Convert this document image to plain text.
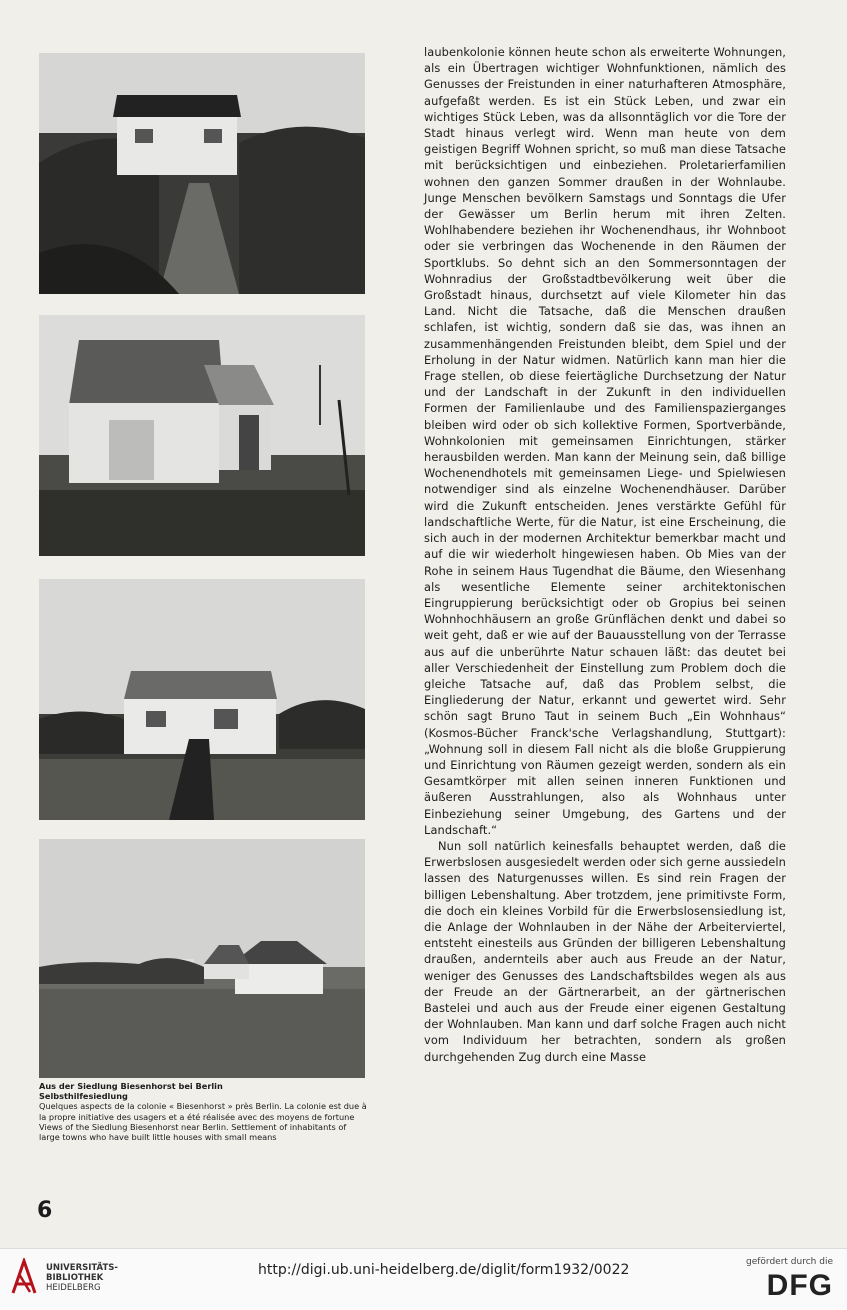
Aus der Siedlung Biesenhorst bei Berlin
Selbsthilfesiedlung
Quelques aspects de la colonie « Biesenhorst » près Berlin. La colonie est due à la propre initiative des usagers et a été réalisée avec des moyens de fortune
Views of the Siedlung Biesenhorst near Berlin. Settlement of inhabitants of large towns who have built little houses with small means

laubenkolonie können heute schon als erweiterte Wohnungen, als ein Übertragen wichtiger Wohnfunktionen, nämlich des Genusses der Freistunden in einer naturhafteren Atmosphäre, aufgefaßt werden. Es ist ein Stück Leben, und zwar ein wichtiges Stück Leben, was da allsonntäglich vor die Tore der Stadt hinaus verlegt wird. Wenn man heute von dem geistigen Begriff Wohnen spricht, so muß man diese Tatsache mit berücksichtigen und einbeziehen. Proletarierfamilien wohnen den ganzen Sommer draußen in der Wohnlaube. Junge Menschen bevölkern Samstags und Sonntags die Ufer der Gewässer um Berlin herum mit ihren Zelten. Wohlhabendere beziehen ihr Wochenendhaus, ihr Wohnboot oder sie verbringen das Wochenende in den Räumen der Sportklubs. So dehnt sich an den Sommersonntagen der Wohnradius der Großstadtbevölkerung weit über die Großstadt hinaus, durchsetzt auf viele Kilometer hin das Land. Nicht die Tatsache, daß die Menschen draußen schlafen, ist wichtig, sondern daß sie das, was ihnen an zusammenhängenden Freistunden bleibt, dem Spiel und der Erholung in der Natur widmen. Natürlich kann man hier die Frage stellen, ob diese feiertägliche Durchsetzung der Natur und der Landschaft in der Zukunft in den individuellen Formen der Familienlaube und des Familienspazierganges bleiben wird oder ob sich kollektive Formen, Sportverbände, Wohnkolonien mit gemeinsamen Einrichtungen, stärker herausbilden werden. Man kann der Meinung sein, daß billige Wochenendhotels mit gemeinsamen Liege- und Spielwiesen notwendiger sind als einzelne Wochenendhäuser. Darüber wird die Zukunft entscheiden. Jenes verstärkte Gefühl für landschaftliche Werte, für die Natur, ist eine Erscheinung, die sich auch in der modernen Architektur bemerkbar macht und auf die wir wiederholt hingewiesen haben. Ob Mies van der Rohe in seinem Haus Tugendhat die Bäume, den Wiesenhang als wesentliche Elemente seiner architektonischen Eingruppierung berücksichtigt oder ob Gropius bei seinen Wohnhochhäusern an große Grünflächen denkt und dabei so weit geht, daß er wie auf der Bauausstellung von der Terrasse aus auf die unberührte Natur schauen läßt: das deutet bei aller Verschiedenheit der Einstellung zum Problem doch die gleiche Tatsache auf, daß das Problem selbst, die Eingliederung der Natur, erkannt und gewertet wird. Sehr schön sagt Bruno Taut in seinem Buch „Ein Wohnhaus“ (Kosmos-Bücher Franck'sche Verlagshandlung, Stuttgart): „Wohnung soll in diesem Fall nicht als die bloße Gruppierung und Einrichtung von Räumen gezeigt werden, sondern als ein Gesamtkörper mit allen seinen inneren Funktionen und äußeren Ausstrahlungen, also als Wohnhaus unter Einbeziehung seiner Umgebung, des Gartens und der Landschaft.“

Nun soll natürlich keinesfalls behauptet werden, daß die Erwerbslosen ausgesiedelt werden oder sich gerne aussiedeln lassen des Naturgenusses willen. Es sind rein Fragen der billigen Lebenshaltung. Aber trotzdem, jene primitivste Form, die doch ein kleines Vorbild für die Erwerbslosensiedlung ist, die Anlage der Wohnlauben in der Nähe der Arbeiterviertel, entsteht einesteils aus Gründen der billigeren Lebenshaltung draußen, andernteils aber auch aus Freude an der Natur, weniger des Genusses des Landschaftsbildes wegen als aus der Freude an der Gärtnerarbeit, an der gärtnerischen Bastelei und auch aus der Freude einer eigenen Gestaltung der Wohnlauben. Man kann und darf solche Fragen auch nicht vom Individuum her betrachten, sondern als großen durchgehenden Zug durch eine Masse

6
UNIVERSITÄTS-
BIBLIOTHEK
HEIDELBERG
http://digi.ub.uni-heidelberg.de/diglit/form1932/0022	gefördert durch die
DFG
